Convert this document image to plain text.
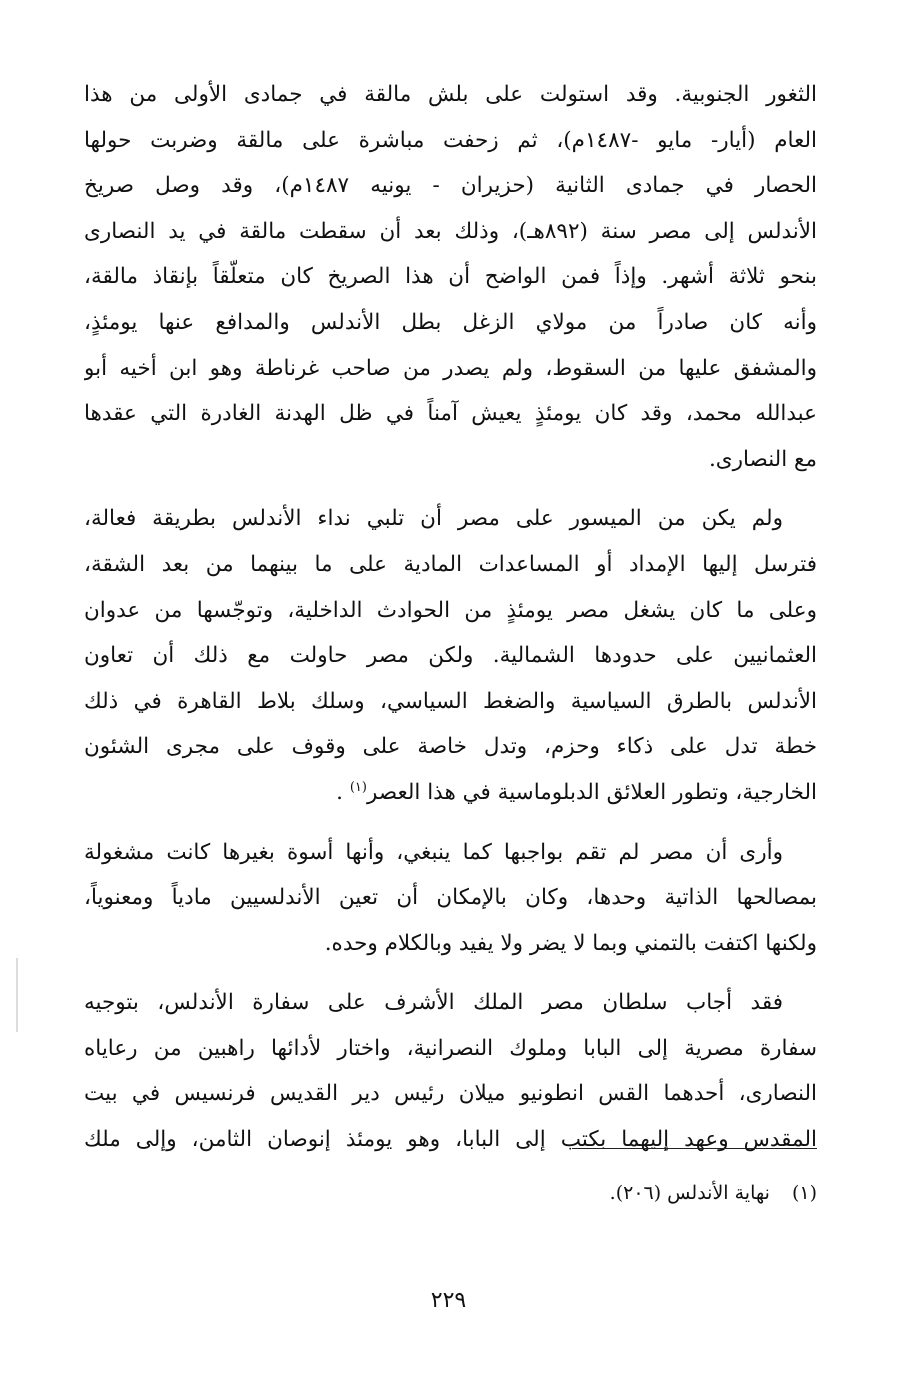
الثغور الجنوبية. وقد استولت على بلش مالقة في جمادى الأولى من هذا
العام (أيار- مايو -١٤٨٧م)، ثم زحفت مباشرة على مالقة وضربت حولها
الحصار في جمادى الثانية (حزيران - يونيه ١٤٨٧م)، وقد وصل صريخ
الأندلس إلى مصر سنة (٨٩٢هـ)، وذلك بعد أن سقطت مالقة في يد النصارى
بنحو ثلاثة أشهر. وإذاً فمن الواضح أن هذا الصريخ كان متعلّقاً بإنقاذ مالقة،
وأنه كان صادراً من مولاي الزغل بطل الأندلس والمدافع عنها يومئذٍ،
والمشفق عليها من السقوط، ولم يصدر من صاحب غرناطة وهو ابن أخيه أبو
عبدالله محمد، وقد كان يومئذٍ يعيش آمناً في ظل الهدنة الغادرة التي عقدها
مع النصارى.
ولم يكن من الميسور على مصر أن تلبي نداء الأندلس بطريقة فعالة،
فترسل إليها الإمداد أو المساعدات المادية على ما بينهما من بعد الشقة،
وعلى ما كان يشغل مصر يومئذٍ من الحوادث الداخلية، وتوجّسها من عدوان
العثمانيين على حدودها الشمالية. ولكن مصر حاولت مع ذلك أن تعاون
الأندلس بالطرق السياسية والضغط السياسي، وسلك بلاط القاهرة في ذلك
خطة تدل على ذكاء وحزم، وتدل خاصة على وقوف على مجرى الشئون
الخارجية، وتطور العلائق الدبلوماسية في هذا العصر$^{(١)}$ .
وأرى أن مصر لم تقم بواجبها كما ينبغي، وأنها أسوة بغيرها كانت مشغولة
بمصالحها الذاتية وحدها، وكان بالإمكان أن تعين الأندلسيين مادياً ومعنوياً،
ولكنها اكتفت بالتمني وبما لا يضر ولا يفيد وبالكلام وحده.
فقد أجاب سلطان مصر الملك الأشرف على سفارة الأندلس، بتوجيه
سفارة مصرية إلى البابا وملوك النصرانية، واختار لأدائها راهبين من رعاياه
النصارى، أحدهما القس انطونيو ميلان رئيس دير القديس فرنسيس في بيت
المقدس وعهد إليهما بكتب إلى البابا، وهو يومئذ إنوصان الثامن، وإلى ملك
(١)نهاية الأندلس (٢٠٦).
٢٢٩
